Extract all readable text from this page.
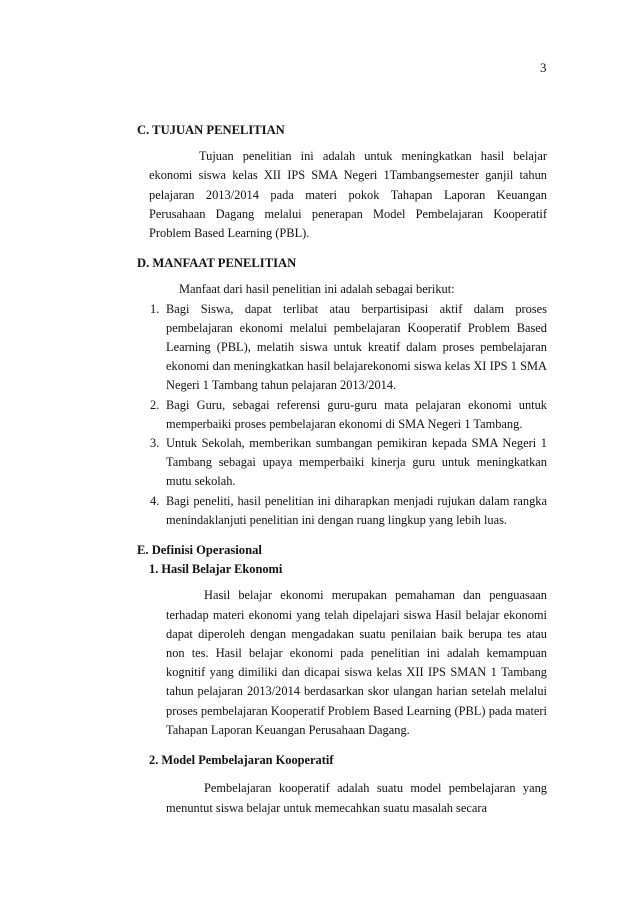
3

C. TUJUAN PENELITIAN

Tujuan penelitian ini adalah untuk meningkatkan hasil belajar ekonomi siswa kelas XII IPS SMA Negeri 1Tambangsemester ganjil tahun pelajaran 2013/2014 pada materi pokok Tahapan Laporan Keuangan Perusahaan Dagang melalui penerapan Model Pembelajaran Kooperatif Problem Based Learning (PBL).

D. MANFAAT PENELITIAN

Manfaat dari hasil penelitian ini adalah sebagai berikut:

1. Bagi Siswa, dapat terlibat atau berpartisipasi aktif dalam proses pembelajaran ekonomi melalui pembelajaran Kooperatif Problem Based Learning (PBL), melatih siswa untuk kreatif dalam proses pembelajaran ekonomi dan meningkatkan hasil belajarekonomi siswa kelas XI IPS 1 SMA Negeri 1 Tambang tahun pelajaran 2013/2014.
2. Bagi Guru, sebagai referensi guru-guru mata pelajaran ekonomi untuk memperbaiki proses pembelajaran ekonomi di SMA Negeri 1 Tambang.
3. Untuk Sekolah, memberikan sumbangan pemikiran kepada SMA Negeri 1 Tambang sebagai upaya memperbaiki kinerja guru untuk meningkatkan mutu sekolah.
4. Bagi peneliti, hasil penelitian ini diharapkan menjadi rujukan dalam rangka menindaklanjuti penelitian ini dengan ruang lingkup yang lebih luas.

E. Definisi Operasional

1. Hasil Belajar Ekonomi

Hasil belajar ekonomi merupakan pemahaman dan penguasaan terhadap materi ekonomi yang telah dipelajari siswa Hasil belajar ekonomi dapat diperoleh dengan mengadakan suatu penilaian baik berupa tes atau non tes. Hasil belajar ekonomi pada penelitian ini adalah kemampuan kognitif yang dimiliki dan dicapai siswa kelas XII IPS SMAN 1 Tambang tahun pelajaran 2013/2014 berdasarkan skor ulangan harian setelah melalui proses pembelajaran Kooperatif Problem Based Learning (PBL) pada materi Tahapan Laporan Keuangan Perusahaan Dagang.

2. Model Pembelajaran Kooperatif

Pembelajaran kooperatif adalah suatu model pembelajaran yang menuntut siswa belajar untuk memecahkan suatu masalah secara
